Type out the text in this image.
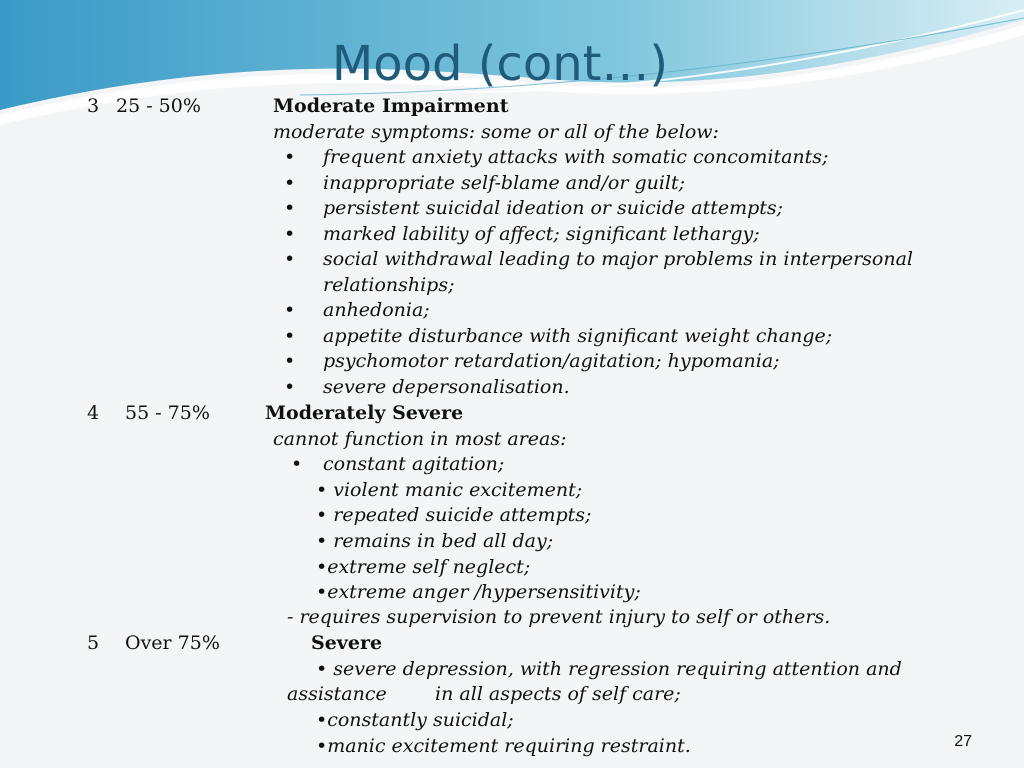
Mood (cont…)
3 25 - 50%	Moderate Impairment
moderate symptoms: some or all of the below:
• frequent anxiety attacks with somatic concomitants;
• inappropriate self-blame and/or guilt;
• persistent suicidal ideation or suicide attempts;
• marked lability of affect; significant lethargy;
• social withdrawal leading to major problems in interpersonal
relationships;
• anhedonia;
• appetite disturbance with significant weight change;
• psychomotor retardation/agitation; hypomania;
• severe depersonalisation.
4 55 - 75%	Moderately Severe
cannot function in most areas:
• constant agitation;
• violent manic excitement;
• repeated suicide attempts;
• remains in bed all day;
•extreme self neglect;
•extreme anger /hypersensitivity;
- requires supervision to prevent injury to self or others.
5 Over 75%	Severe
• severe depression, with regression requiring attention and
assistance        in all aspects of self care;
•constantly suicidal;
•manic excitement requiring restraint.	27
